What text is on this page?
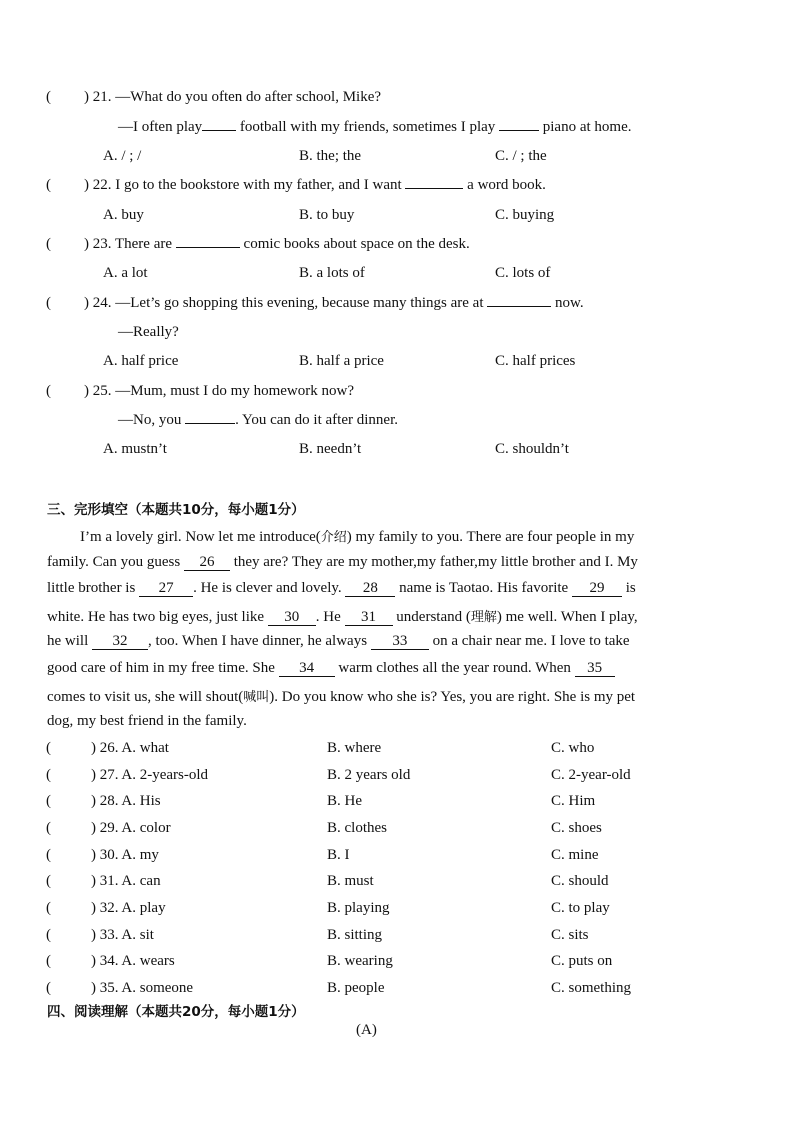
( ) 21. —What do you often do after school, Mike?
—I often play football with my friends, sometimes I play	piano at home.
A. / ; /	B. the; the	C. / ; the
( ) 22. I go to the bookstore with my father, and I want	a word book.
A. buy	B. to buy	C. buying
( ) 23. There are	comic books about space on the desk.
A. a lot	B. a lots of	C. lots of
( ) 24. —Let’s go shopping this evening, because many things are at	now.
—Really?
A. half price	B. half a price	C. half prices
( ) 25. —Mum, must I do my homework now?
—No, you	. You can do it after dinner.
A. mustn’t	B. needn’t	C. shouldn’t
三、完形填空（本题共10分，每小题1分）
I’m a lovely girl. Now let me introduce(介绍) my family to you. There are four people in my
family. Can you guess 26 they are? They are my mother,my father,my little brother and I. My
little brother is 27 . He is clever and lovely. 28 name is Taotao. His favorite 29 is
white. He has two big eyes, just like 30 . He 31 understand (理解) me well. When I play,
he will 32 , too. When I have dinner, he always 33 on a chair near me. I love to take
good care of him in my free time. She 34 warm clothes all the year round. When 35
comes to visit us, she will shout(喊叫). Do you know who she is? Yes, you are right. She is my pet
dog, my best friend in the family.
(	) 26. A. what	B. where	C. who
(	) 27. A. 2-years-old	B. 2 years old	C. 2-year-old
(	) 28. A. His	B. He	C. Him
(	) 29. A. color	B. clothes	C. shoes
(	) 30. A. my	B. I	C. mine
(	) 31. A. can	B. must	C. should
(	) 32. A. play	B. playing	C. to play
(	) 33. A. sit	B. sitting	C. sits
(	) 34. A. wears	B. wearing	C. puts on
(	) 35. A. someone	B. people	C. something
四、阅读理解（本题共20分，每小题1分）
(A)
